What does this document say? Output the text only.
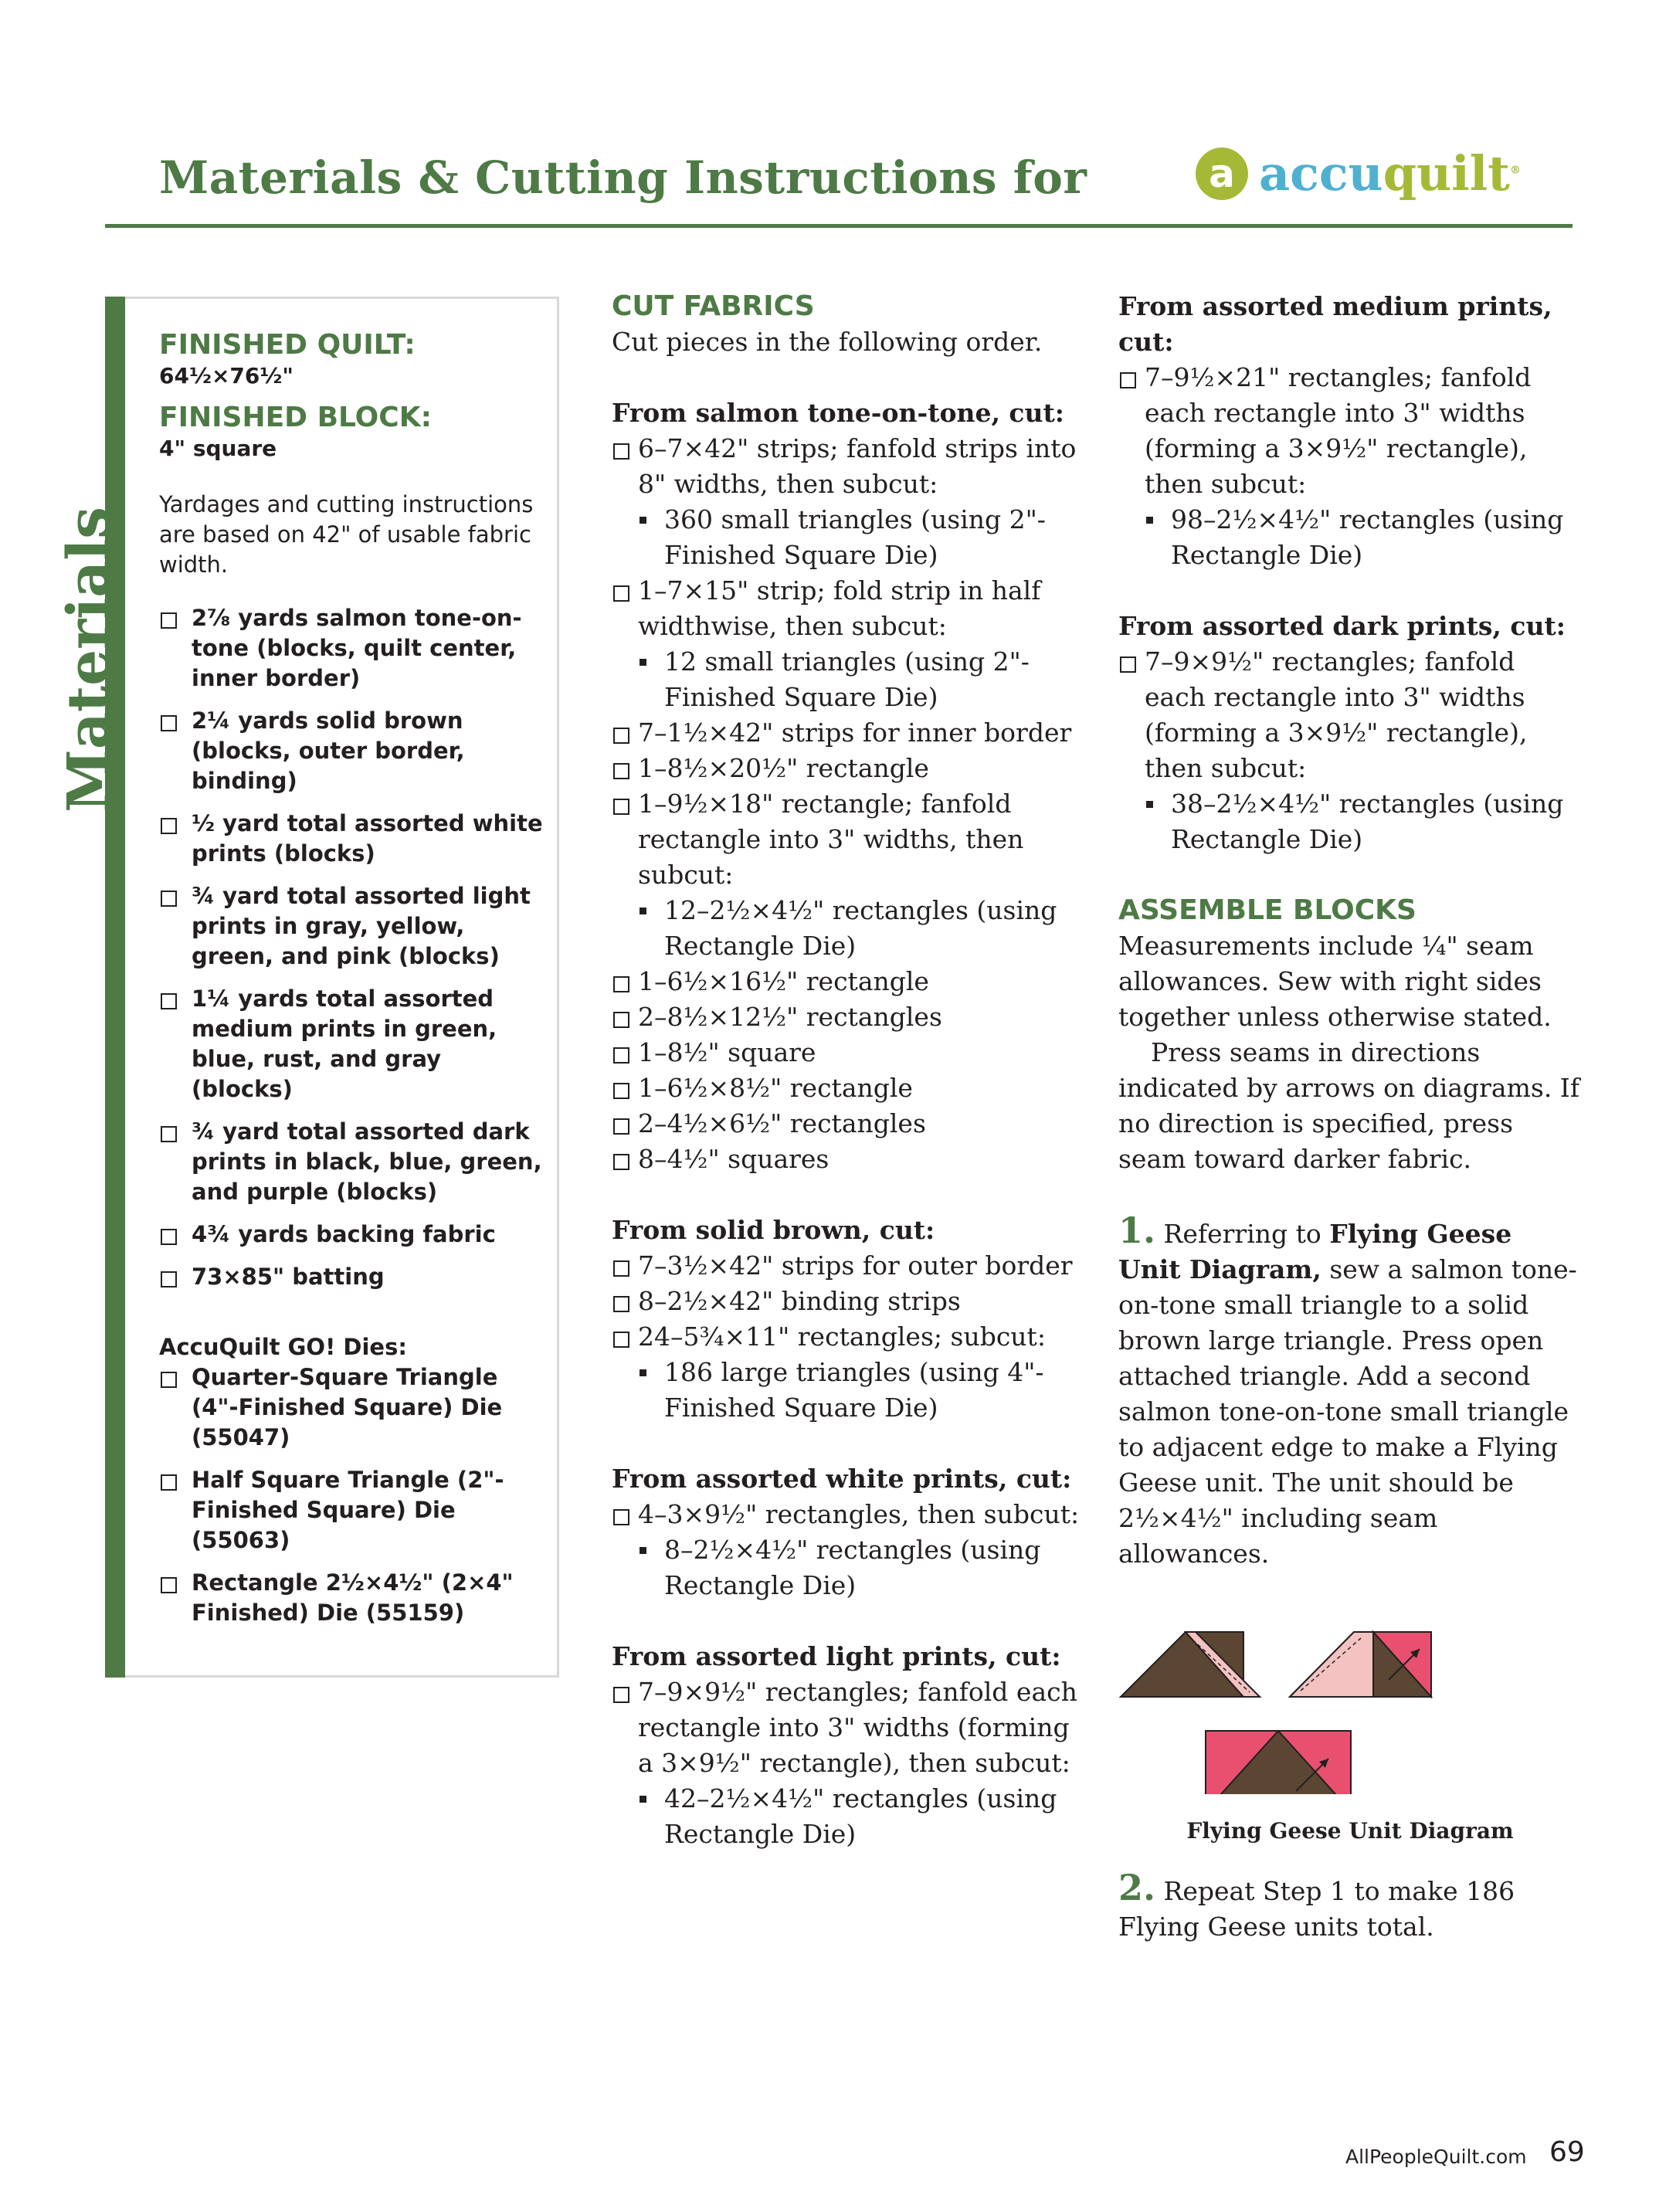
Materials & Cutting Instructions for	a accuquilt®
Materials
FINISHED QUILT:
64½×76½"
FINISHED BLOCK:
4" square
Yardages and cutting instructions are based on 42" of usable fabric width.
2⅞ yards salmon tone-on-tone (blocks, quilt center, inner border)
2¼ yards solid brown (blocks, outer border, binding)
½ yard total assorted white prints (blocks)
¾ yard total assorted light prints in gray, yellow, green, and pink (blocks)
1¼ yards total assorted medium prints in green, blue, rust, and gray (blocks)
¾ yard total assorted dark prints in black, blue, green, and purple (blocks)
4¾ yards backing fabric
73×85" batting
AccuQuilt GO! Dies:
Quarter-Square Triangle (4"-Finished Square) Die (55047)
Half Square Triangle (2"-Finished Square) Die (55063)
Rectangle 2½×4½" (2×4" Finished) Die (55159)
CUT FABRICS
Cut pieces in the following order.
From salmon tone-on-tone, cut:
6–7×42" strips; fanfold strips into 8" widths, then subcut:
360 small triangles (using 2"-Finished Square Die)
1–7×15" strip; fold strip in half widthwise, then subcut:
12 small triangles (using 2"-Finished Square Die)
7–1½×42" strips for inner border
1–8½×20½" rectangle
1–9½×18" rectangle; fanfold rectangle into 3" widths, then subcut:
12–2½×4½" rectangles (using Rectangle Die)
1–6½×16½" rectangle
2–8½×12½" rectangles
1–8½" square
1–6½×8½" rectangle
2–4½×6½" rectangles
8–4½" squares
From solid brown, cut:
7–3½×42" strips for outer border
8–2½×42" binding strips
24–5¾×11" rectangles; subcut:
186 large triangles (using 4"-Finished Square Die)
From assorted white prints, cut:
4–3×9½" rectangles, then subcut:
8–2½×4½" rectangles (using Rectangle Die)
From assorted light prints, cut:
7–9×9½" rectangles; fanfold each rectangle into 3" widths (forming a 3×9½" rectangle), then subcut:
42–2½×4½" rectangles (using Rectangle Die)
From assorted medium prints, cut:
7–9½×21" rectangles; fanfold each rectangle into 3" widths (forming a 3×9½" rectangle), then subcut:
98–2½×4½" rectangles (using Rectangle Die)
From assorted dark prints, cut:
7–9×9½" rectangles; fanfold each rectangle into 3" widths (forming a 3×9½" rectangle), then subcut:
38–2½×4½" rectangles (using Rectangle Die)
ASSEMBLE BLOCKS
Measurements include ¼" seam allowances. Sew with right sides together unless otherwise stated.
Press seams in directions indicated by arrows on diagrams. If no direction is specified, press seam toward darker fabric.
1. Referring to Flying Geese Unit Diagram, sew a salmon tone-on-tone small triangle to a solid brown large triangle. Press open attached triangle. Add a second salmon tone-on-tone small triangle to adjacent edge to make a Flying Geese unit. The unit should be 2½×4½" including seam allowances.
Flying Geese Unit Diagram
2. Repeat Step 1 to make 186 Flying Geese units total.
AllPeopleQuilt.com 69
